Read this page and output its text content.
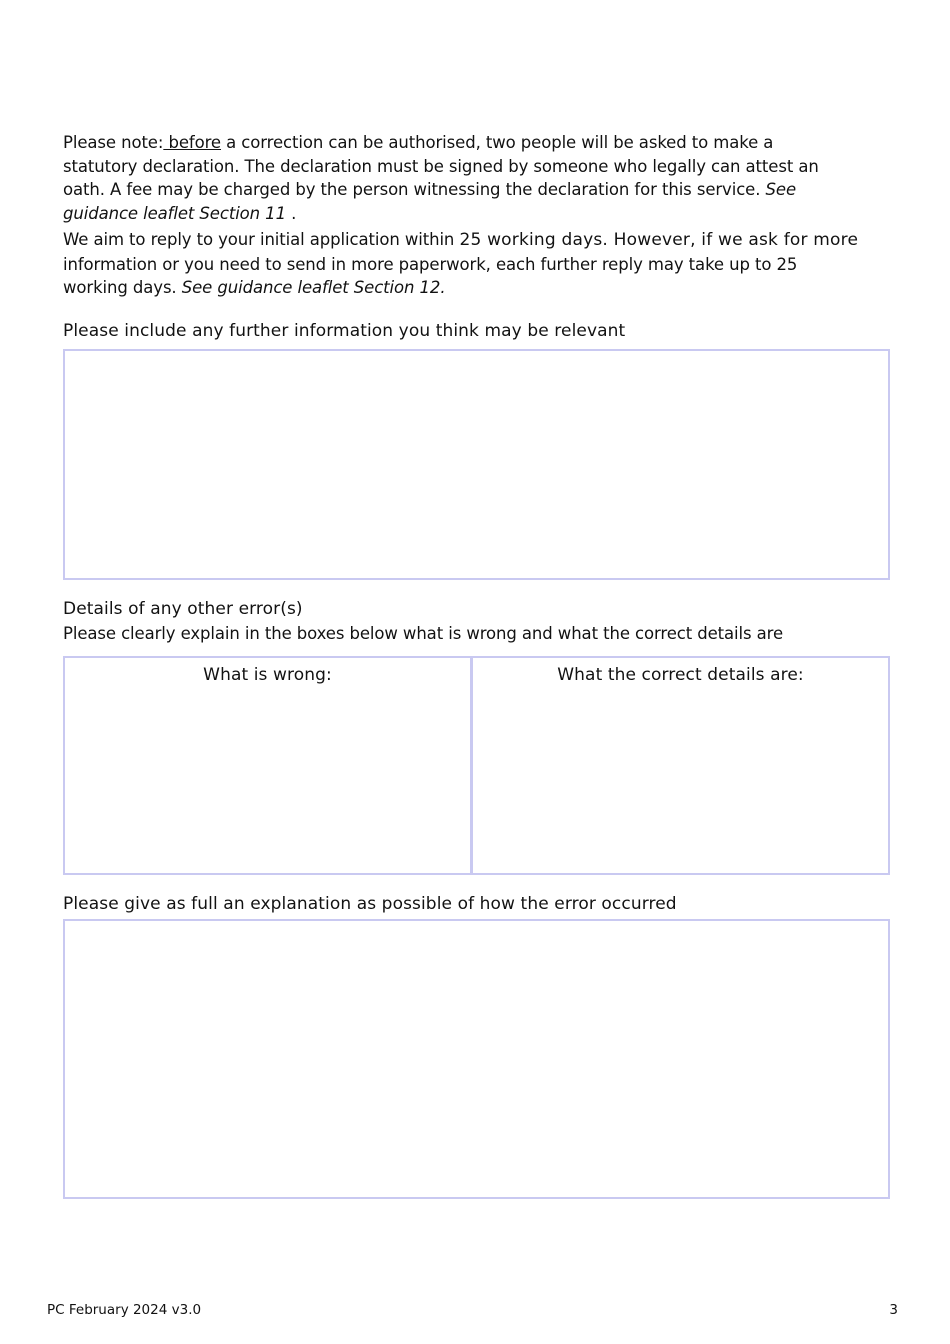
Please note: before a correction can be authorised, two people will be asked to make a
statutory declaration. The declaration must be signed by someone who legally can attest an
oath. A fee may be charged by the person witnessing the declaration for this service. See
guidance leaflet Section 11 .
We aim to reply to your initial application within 25 working days. However, if we ask for more
information or you need to send in more paperwork, each further reply may take up to 25
working days. See guidance leaflet Section 12.
Please include any further information you think may be relevant
Details of any other error(s)
Please clearly explain in the boxes below what is wrong and what the correct details are
What is wrong:	What the correct details are:
Please give as full an explanation as possible of how the error occurred
PC February 2024 v3.0	3
